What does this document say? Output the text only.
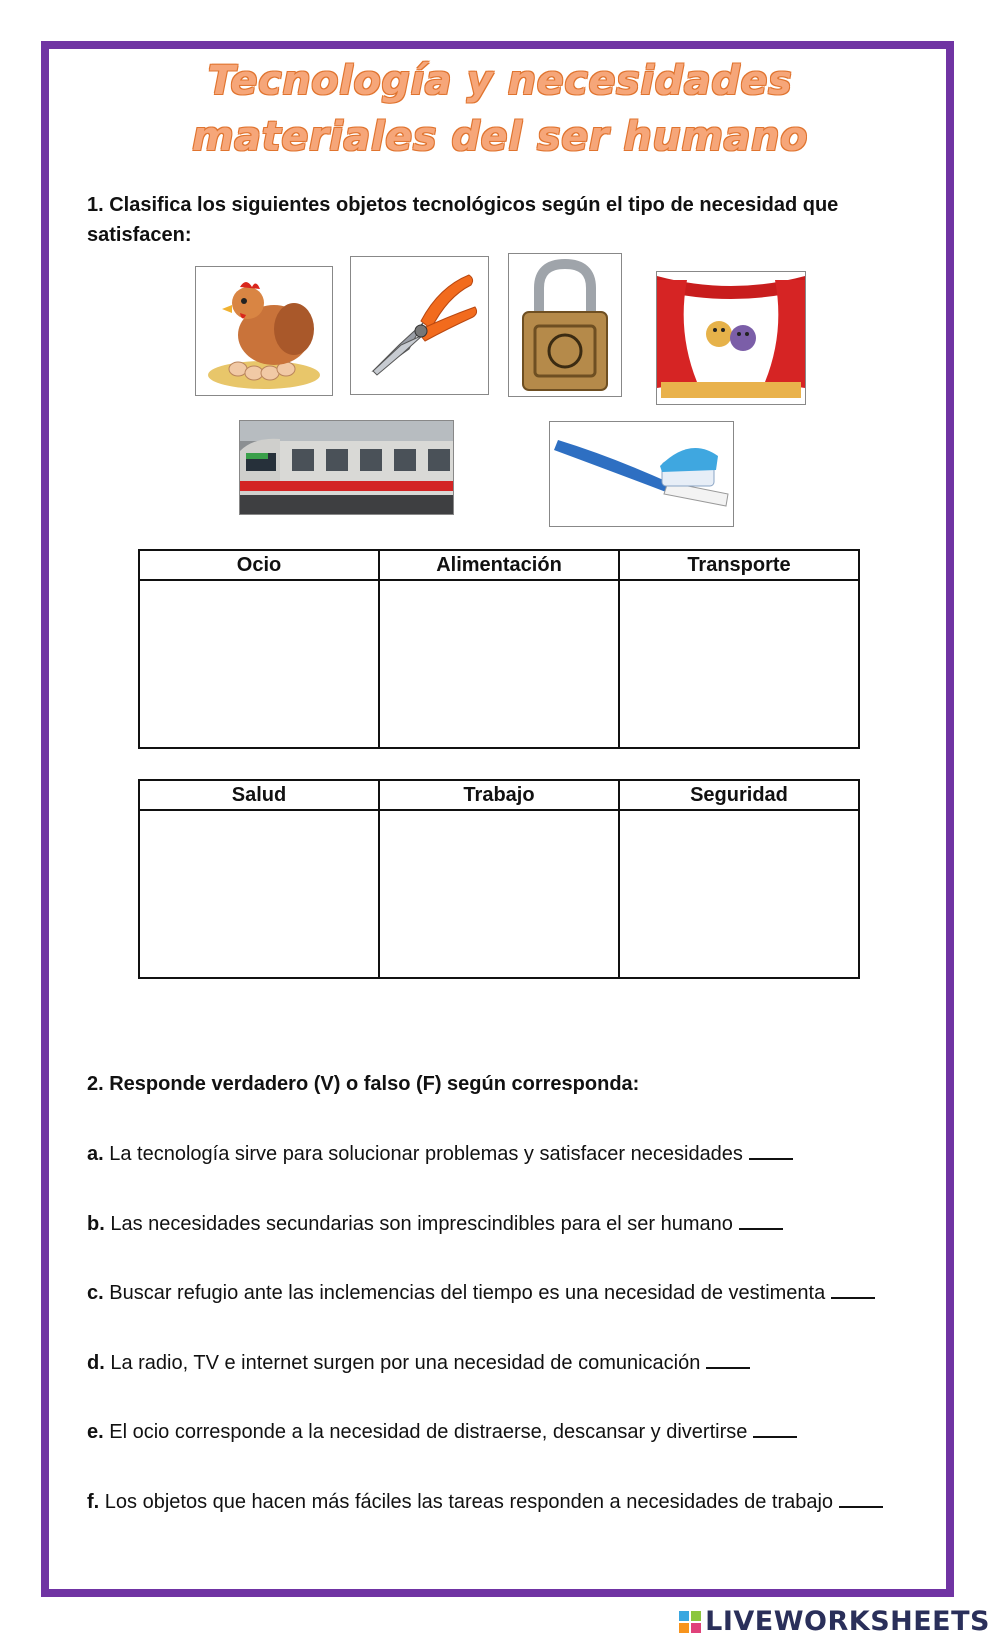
Tecnología y necesidades
materiales del ser humano
1. Clasifica los siguientes objetos tecnológicos según el tipo de necesidad que
satisfacen:
Ocio	Alimentación	Transporte

Salud	Trabajo	Seguridad

2. Responde verdadero (V) o falso (F) según corresponda:
a. La tecnología sirve para solucionar problemas y satisfacer necesidades
b. Las necesidades secundarias son imprescindibles para el ser humano
c. Buscar refugio ante las inclemencias del tiempo es una necesidad de vestimenta
d. La radio, TV e internet surgen por una necesidad de comunicación
e. El ocio corresponde a la necesidad de distraerse, descansar y divertirse
f. Los objetos que hacen más fáciles las tareas responden a necesidades de trabajo
LIVEWORKSHEETS
